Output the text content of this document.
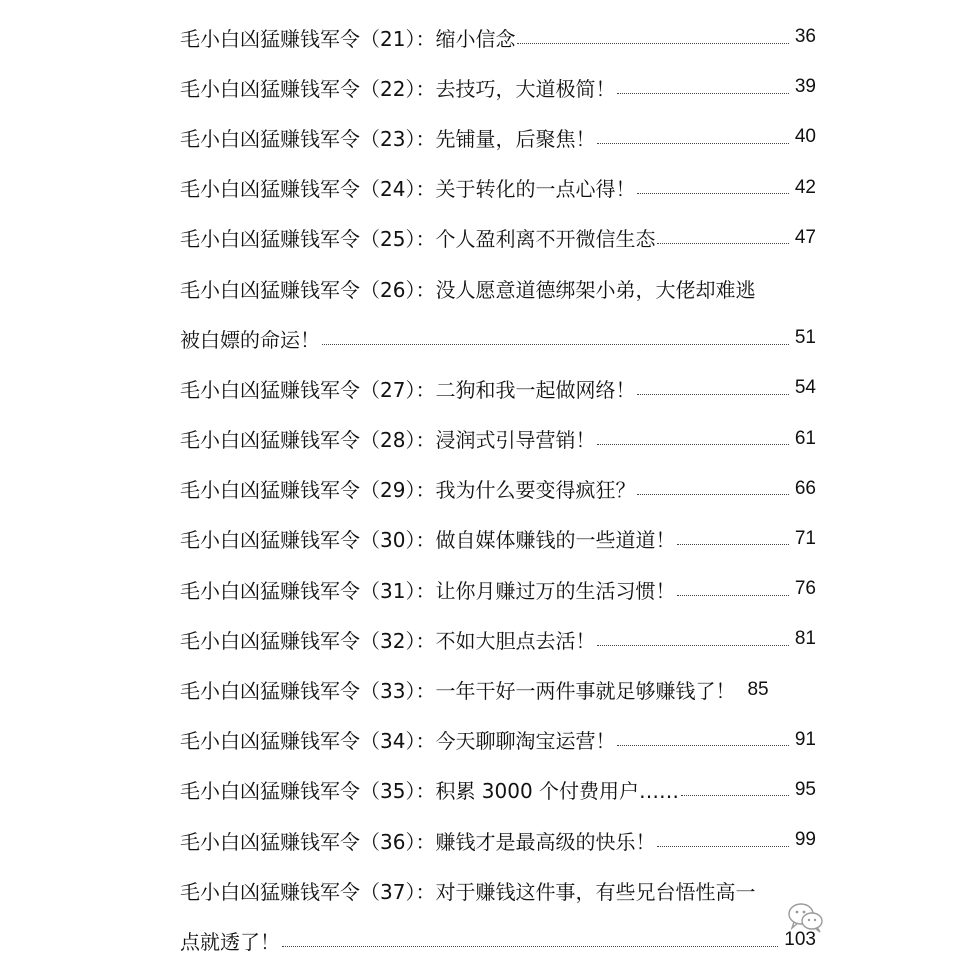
毛小白凶猛赚钱军令（21）：缩小信念	36
毛小白凶猛赚钱军令（22）：去技巧，大道极简！	39
毛小白凶猛赚钱军令（23）：先铺量，后聚焦！	40
毛小白凶猛赚钱军令（24）：关于转化的一点心得！	42
毛小白凶猛赚钱军令（25）：个人盈利离不开微信生态	47
毛小白凶猛赚钱军令（26）：没人愿意道德绑架小弟，大佬却难逃
被白嫖的命运！	51
毛小白凶猛赚钱军令（27）：二狗和我一起做网络！	54
毛小白凶猛赚钱军令（28）：浸润式引导营销！	61
毛小白凶猛赚钱军令（29）：我为什么要变得疯狂？	66
毛小白凶猛赚钱军令（30）：做自媒体赚钱的一些道道！	71
毛小白凶猛赚钱军令（31）：让你月赚过万的生活习惯！	76
毛小白凶猛赚钱军令（32）：不如大胆点去活！	81
毛小白凶猛赚钱军令（33）：一年干好一两件事就足够赚钱了！ 85
毛小白凶猛赚钱军令（34）：今天聊聊淘宝运营！	91
毛小白凶猛赚钱军令（35）：积累 3000 个付费用户……	95
毛小白凶猛赚钱军令（36）：赚钱才是最高级的快乐！	99
毛小白凶猛赚钱军令（37）：对于赚钱这件事，有些兄台悟性高一
点就透了！	103
